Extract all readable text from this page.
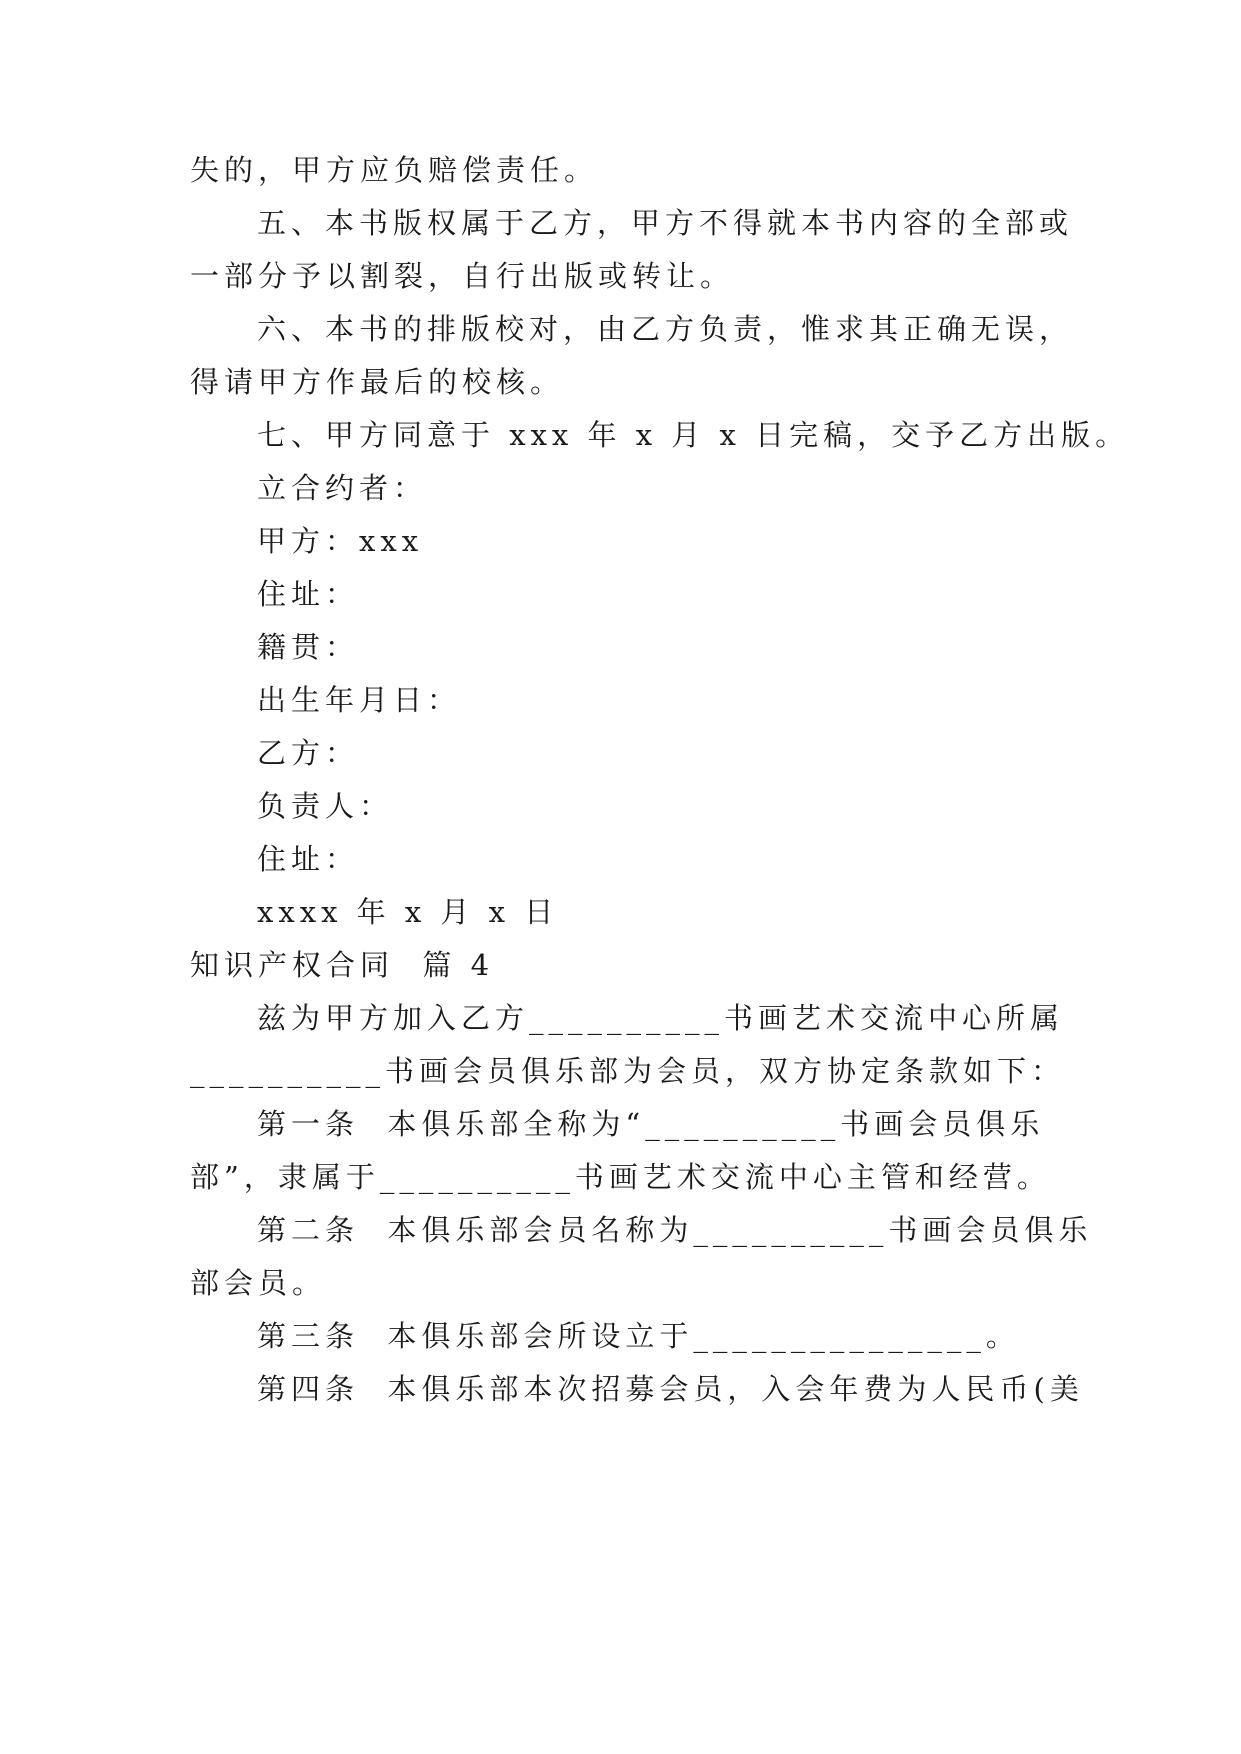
失的，甲方应负赔偿责任。
五、本书版权属于乙方，甲方不得就本书内容的全部或
一部分予以割裂，自行出版或转让。
六、本书的排版校对，由乙方负责，惟求其正确无误，
得请甲方作最后的校核。
七、甲方同意于 xxx 年 x 月 x 日完稿，交予乙方出版。
立合约者：
甲方：xxx
住址：
籍贯：
出生年月日：
乙方：
负责人：
住址：
xxxx 年 x 月 x 日
知识产权合同  篇 4
兹为甲方加入乙方__________书画艺术交流中心所属
__________书画会员俱乐部为会员，双方协定条款如下：
第一条  本俱乐部全称为“__________书画会员俱乐
部”，隶属于__________书画艺术交流中心主管和经营。
第二条  本俱乐部会员名称为__________书画会员俱乐
部会员。
第三条  本俱乐部会所设立于_______________。
第四条  本俱乐部本次招募会员，入会年费为人民币(美
